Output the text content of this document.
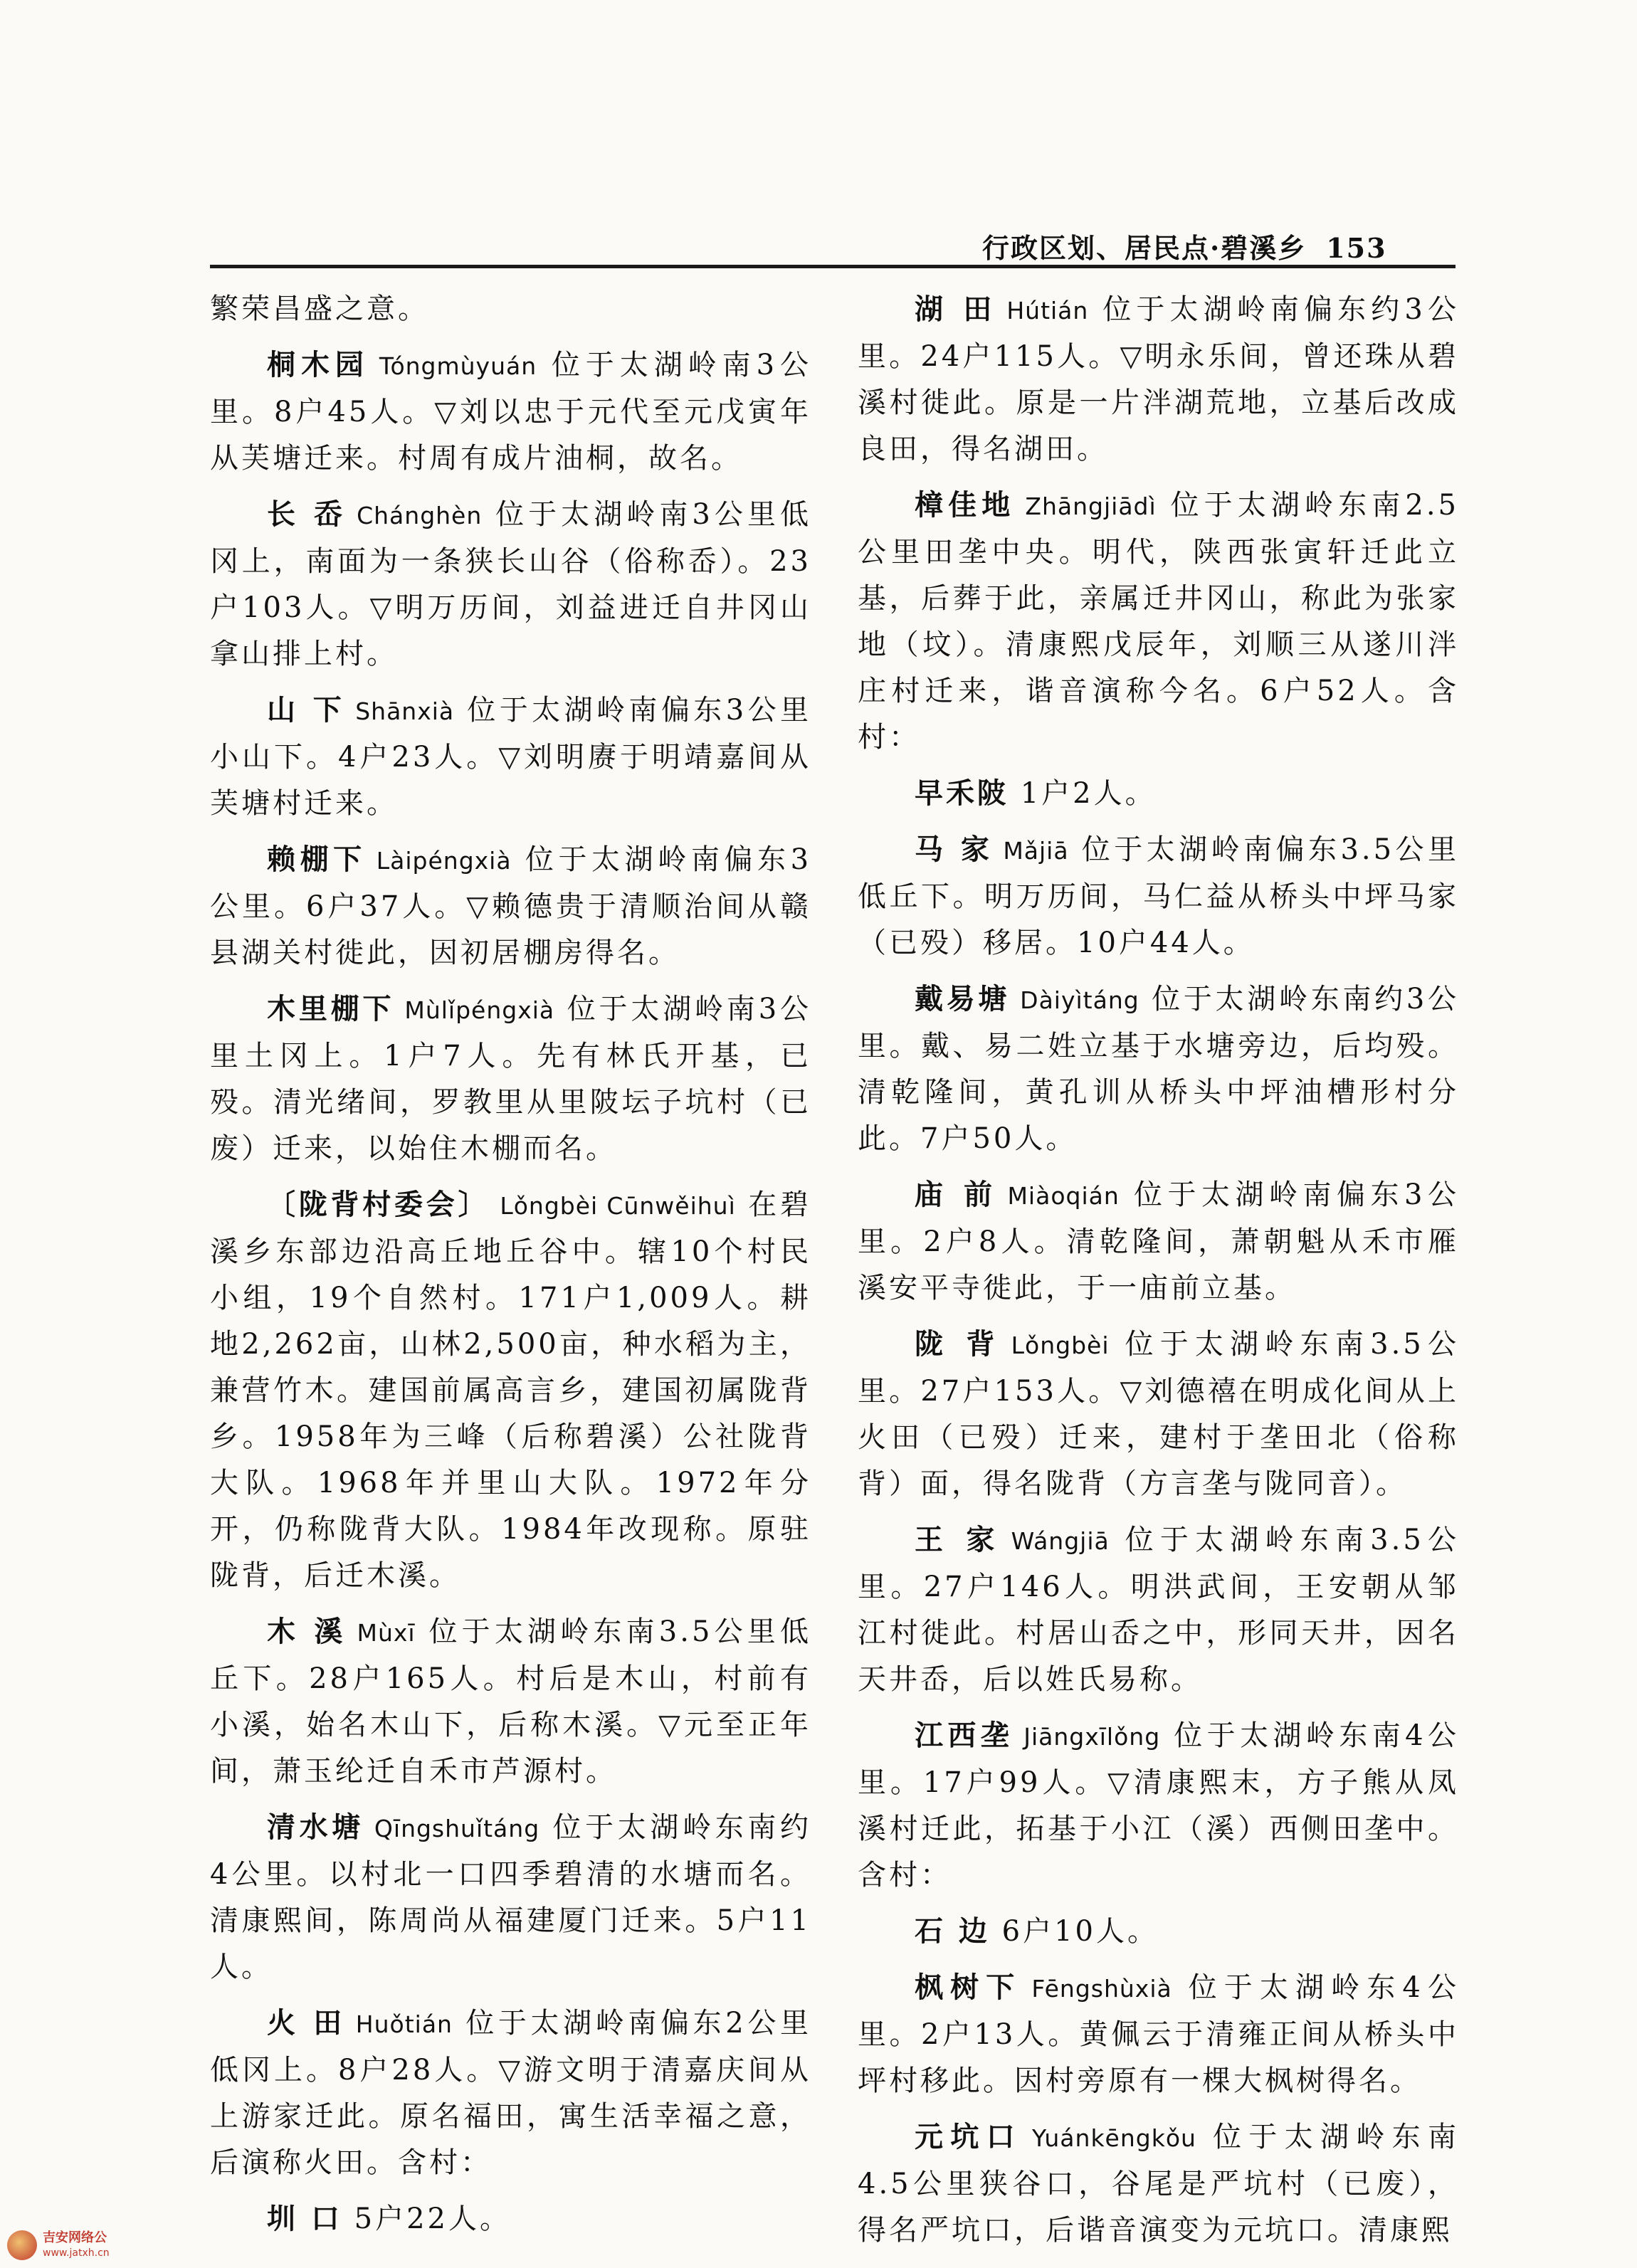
行政区划、居民点·碧溪乡 153

繁荣昌盛之意。

桐木园 Tóngmùyuán 位于太湖岭南3公里。8户45人。▽刘以忠于元代至元戊寅年从芙塘迁来。村周有成片油桐，故名。

长 岙 Chánghèn 位于太湖岭南3公里低冈上，南面为一条狭长山谷（俗称岙）。23户103人。▽明万历间，刘益进迁自井冈山拿山排上村。

山 下 Shānxià 位于太湖岭南偏东3公里小山下。4户23人。▽刘明赓于明靖嘉间从芙塘村迁来。

赖棚下 Làipéngxià 位于太湖岭南偏东3公里。6户37人。▽赖德贵于清顺治间从赣县湖关村徙此，因初居棚房得名。

木里棚下 Mùlǐpéngxià 位于太湖岭南3公里土冈上。1户7人。先有林氏开基，已殁。清光绪间，罗教里从里陂坛子坑村（已废）迁来，以始住木棚而名。

〔陇背村委会〕 Lǒngbèi Cūnwěihuì 在碧溪乡东部边沿高丘地丘谷中。辖10个村民小组，19个自然村。171户1,009人。耕地2,262亩，山林2,500亩，种水稻为主，兼营竹木。建国前属高言乡，建国初属陇背乡。1958年为三峰（后称碧溪）公社陇背大队。1968年并里山大队。1972年分开，仍称陇背大队。1984年改现称。原驻陇背，后迁木溪。

木 溪 Mùxī 位于太湖岭东南3.5公里低丘下。28户165人。村后是木山，村前有小溪，始名木山下，后称木溪。▽元至正年间，萧玉纶迁自禾市芦源村。

清水塘 Qīngshuǐtáng 位于太湖岭东南约4公里。以村北一口四季碧清的水塘而名。清康熙间，陈周尚从福建厦门迁来。5户11人。

火 田 Huǒtián 位于太湖岭南偏东2公里低冈上。8户28人。▽游文明于清嘉庆间从上游家迁此。原名福田，寓生活幸福之意，后演称火田。含村：

圳 口 5户22人。

湖 田 Hútián 位于太湖岭南偏东约3公里。24户115人。▽明永乐间，曾还珠从碧溪村徙此。原是一片泮湖荒地，立基后改成良田，得名湖田。

樟佳地 Zhāngjiādì 位于太湖岭东南2.5公里田垄中央。明代，陕西张寅轩迁此立基，后葬于此，亲属迁井冈山，称此为张家地（坟）。清康熙戊辰年，刘顺三从遂川泮庄村迁来，谐音演称今名。6户52人。含村：

早禾陂 1户2人。

马 家 Mǎjiā 位于太湖岭南偏东3.5公里低丘下。明万历间，马仁益从桥头中坪马家（已殁）移居。10户44人。

戴易塘 Dàiyìtáng 位于太湖岭东南约3公里。戴、易二姓立基于水塘旁边，后均殁。清乾隆间，黄孔训从桥头中坪油槽形村分此。7户50人。

庙 前 Miàoqián 位于太湖岭南偏东3公里。2户8人。清乾隆间，萧朝魁从禾市雁溪安平寺徙此，于一庙前立基。

陇 背 Lǒngbèi 位于太湖岭东南3.5公里。27户153人。▽刘德禧在明成化间从上火田（已殁）迁来，建村于垄田北（俗称背）面，得名陇背（方言垄与陇同音）。

王 家 Wángjiā 位于太湖岭东南3.5公里。27户146人。明洪武间，王安朝从邹江村徙此。村居山岙之中，形同天井，因名天井岙，后以姓氏易称。

江西垄 Jiāngxīlǒng 位于太湖岭东南4公里。17户99人。▽清康熙末，方子熊从凤溪村迁此，拓基于小江（溪）西侧田垄中。含村：

石 边 6户10人。

枫树下 Fēngshùxià 位于太湖岭东4公里。2户13人。黄佩云于清雍正间从桥头中坪村移此。因村旁原有一棵大枫树得名。

元坑口 Yuánkēngkǒu 位于太湖岭东南4.5公里狭谷口，谷尾是严坑村（已废），得名严坑口，后谐音演变为元坑口。清康熙

吉安网络公
www.jatxh.cn
